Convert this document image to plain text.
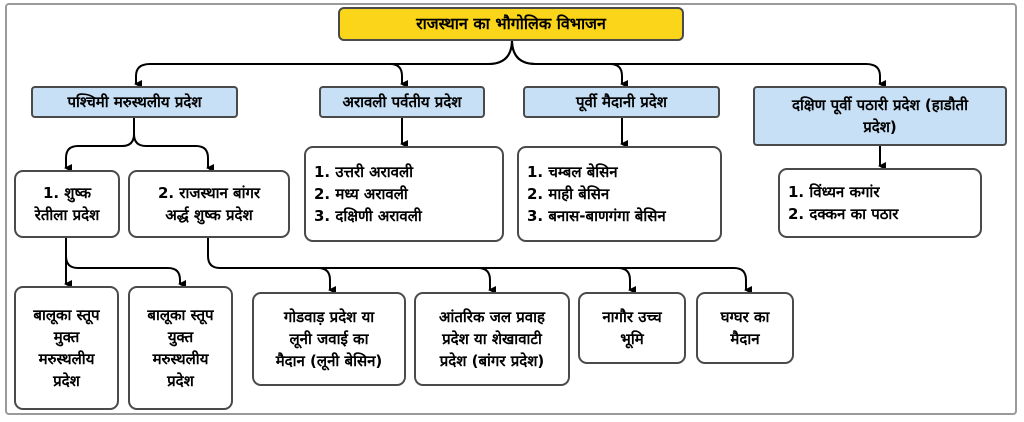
राजस्थान का भौगोलिक विभाजन
पश्चिमी मरुस्थलीय प्रदेश	अरावली पर्वतीय प्रदेश	पूर्वी मैदानी प्रदेश	दक्षिण पूर्वी पठारी प्रदेश (हाडौती
प्रदेश)
1. शुष्क
रेतीला प्रदेश
2. राजस्थान बांगर
अर्द्ध शुष्क प्रदेश
1. उत्तरी अरावली
2. मध्य अरावली
3. दक्षिणी अरावली
1. चम्बल बेसिन
2. माही बेसिन
3. बनास-बाणगंगा बेसिन
1. विंध्यन कगांर
2. दक्कन का पठार
बालूका स्तूप
मुक्त
मरुस्थलीय
प्रदेश
बालूका स्तूप
युक्त
मरुस्थलीय
प्रदेश
गोडवाड़ प्रदेश या
लूनी जवाई का
मैदान (लूनी बेसिन)
आंतरिक जल प्रवाह
प्रदेश या शेखावाटी
प्रदेश (बांगर प्रदेश)
नागौर उच्च
भूमि
घग्घर का
मैदान
